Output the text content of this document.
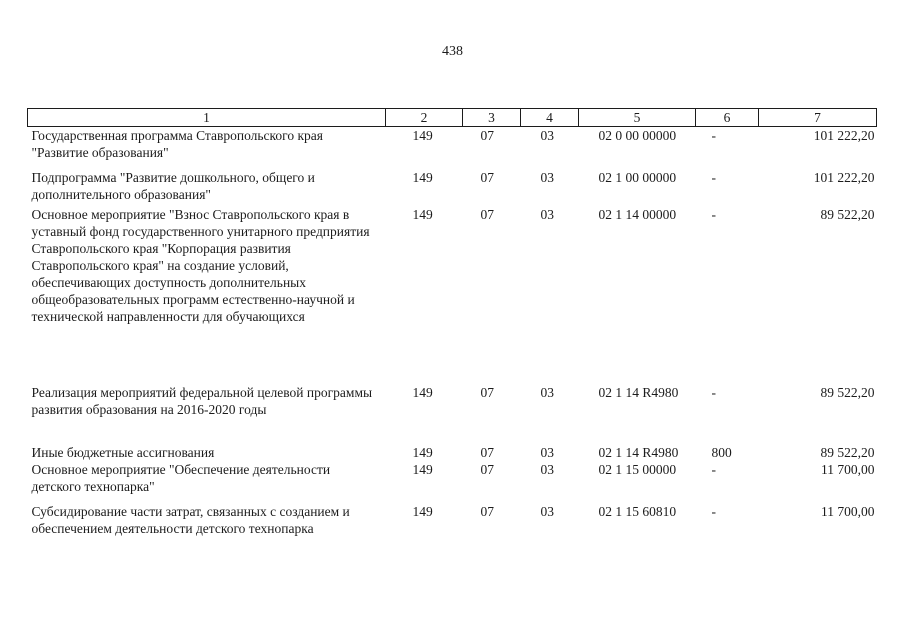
438
1	2	3	4	5	6	7
Государственная программа Ставропольского края "Развитие образования"	149	07	03	02 0 00 00000	-	101 222,20
Подпрограмма "Развитие дошкольного, общего и дополнительного образования"	149	07	03	02 1 00 00000	-	101 222,20
Основное мероприятие "Взнос Ставропольского края в уставный фонд государственного унитарного предприятия Ставропольского края "Корпорация развития Ставропольского края" на создание условий, обеспечивающих доступность дополнительных общеобразовательных программ естественно-научной и технической направленности для обучающихся	149	07	03	02 1 14 00000	-	89 522,20
Реализация мероприятий федеральной целевой программы развития образования на 2016-2020 годы	149	07	03	02 1 14 R4980	-	89 522,20
Иные бюджетные ассигнования	149	07	03	02 1 14 R4980	800	89 522,20
Основное мероприятие "Обеспечение деятельности детского технопарка"	149	07	03	02 1 15 00000	-	11 700,00
Субсидирование части затрат, связанных с созданием и обеспечением деятельности детского технопарка	149	07	03	02 1 15 60810	-	11 700,00
